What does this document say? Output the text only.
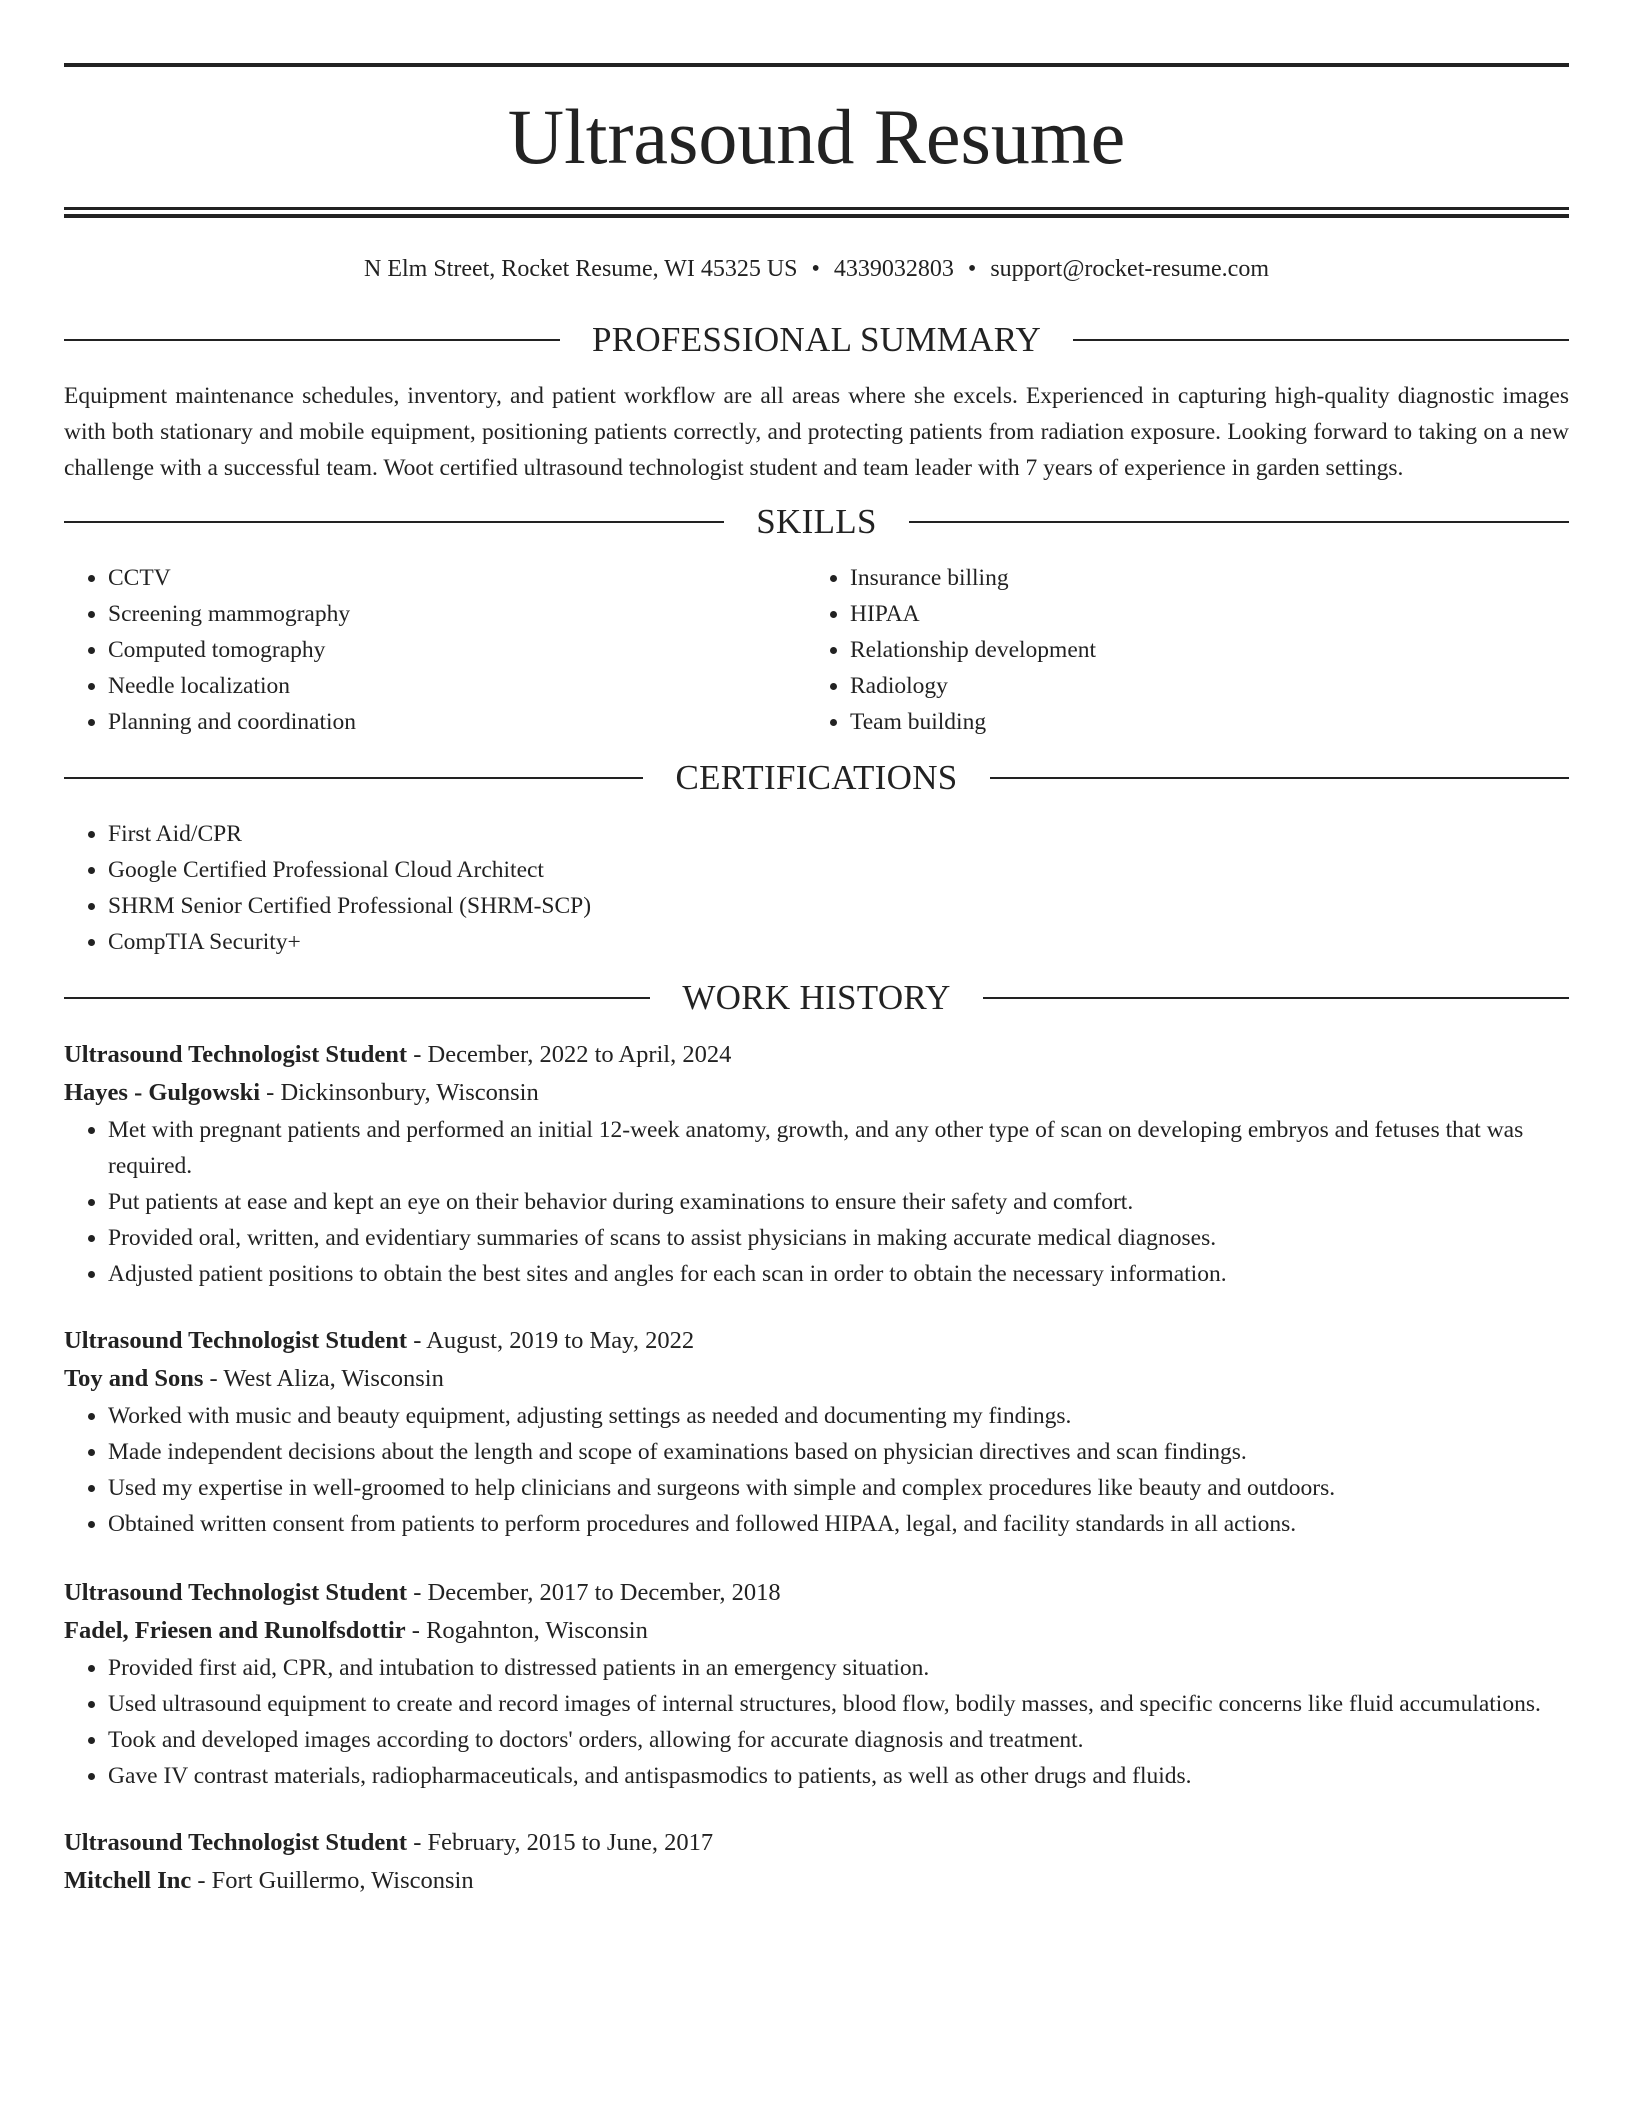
Ultrasound Resume
N Elm Street, Rocket Resume, WI 45325 US • 4339032803 • support@rocket-resume.com
PROFESSIONAL SUMMARY

Equipment maintenance schedules, inventory, and patient workflow are all areas where she excels. Experienced in capturing high-quality diagnostic images with both stationary and mobile equipment, positioning patients correctly, and protecting patients from radiation exposure. Looking forward to taking on a new challenge with a successful team. Woot certified ultrasound technologist student and team leader with 7 years of experience in garden settings.

SKILLS
• CCTV
• Screening mammography
• Computed tomography
• Needle localization
• Planning and coordination
• Insurance billing
• HIPAA
• Relationship development
• Radiology
• Team building
CERTIFICATIONS
• First Aid/CPR
• Google Certified Professional Cloud Architect
• SHRM Senior Certified Professional (SHRM-SCP)
• CompTIA Security+
WORK HISTORY
Ultrasound Technologist Student - December, 2022 to April, 2024
Hayes - Gulgowski - Dickinsonbury, Wisconsin
• Met with pregnant patients and performed an initial 12-week anatomy, growth, and any other type of scan on developing embryos and fetuses that was required.
• Put patients at ease and kept an eye on their behavior during examinations to ensure their safety and comfort.
• Provided oral, written, and evidentiary summaries of scans to assist physicians in making accurate medical diagnoses.
• Adjusted patient positions to obtain the best sites and angles for each scan in order to obtain the necessary information.
Ultrasound Technologist Student - August, 2019 to May, 2022
Toy and Sons - West Aliza, Wisconsin
• Worked with music and beauty equipment, adjusting settings as needed and documenting my findings.
• Made independent decisions about the length and scope of examinations based on physician directives and scan findings.
• Used my expertise in well-groomed to help clinicians and surgeons with simple and complex procedures like beauty and outdoors.
• Obtained written consent from patients to perform procedures and followed HIPAA, legal, and facility standards in all actions.
Ultrasound Technologist Student - December, 2017 to December, 2018
Fadel, Friesen and Runolfsdottir - Rogahnton, Wisconsin
• Provided first aid, CPR, and intubation to distressed patients in an emergency situation.
• Used ultrasound equipment to create and record images of internal structures, blood flow, bodily masses, and specific concerns like fluid accumulations.
• Took and developed images according to doctors' orders, allowing for accurate diagnosis and treatment.
• Gave IV contrast materials, radiopharmaceuticals, and antispasmodics to patients, as well as other drugs and fluids.
Ultrasound Technologist Student - February, 2015 to June, 2017
Mitchell Inc - Fort Guillermo, Wisconsin
